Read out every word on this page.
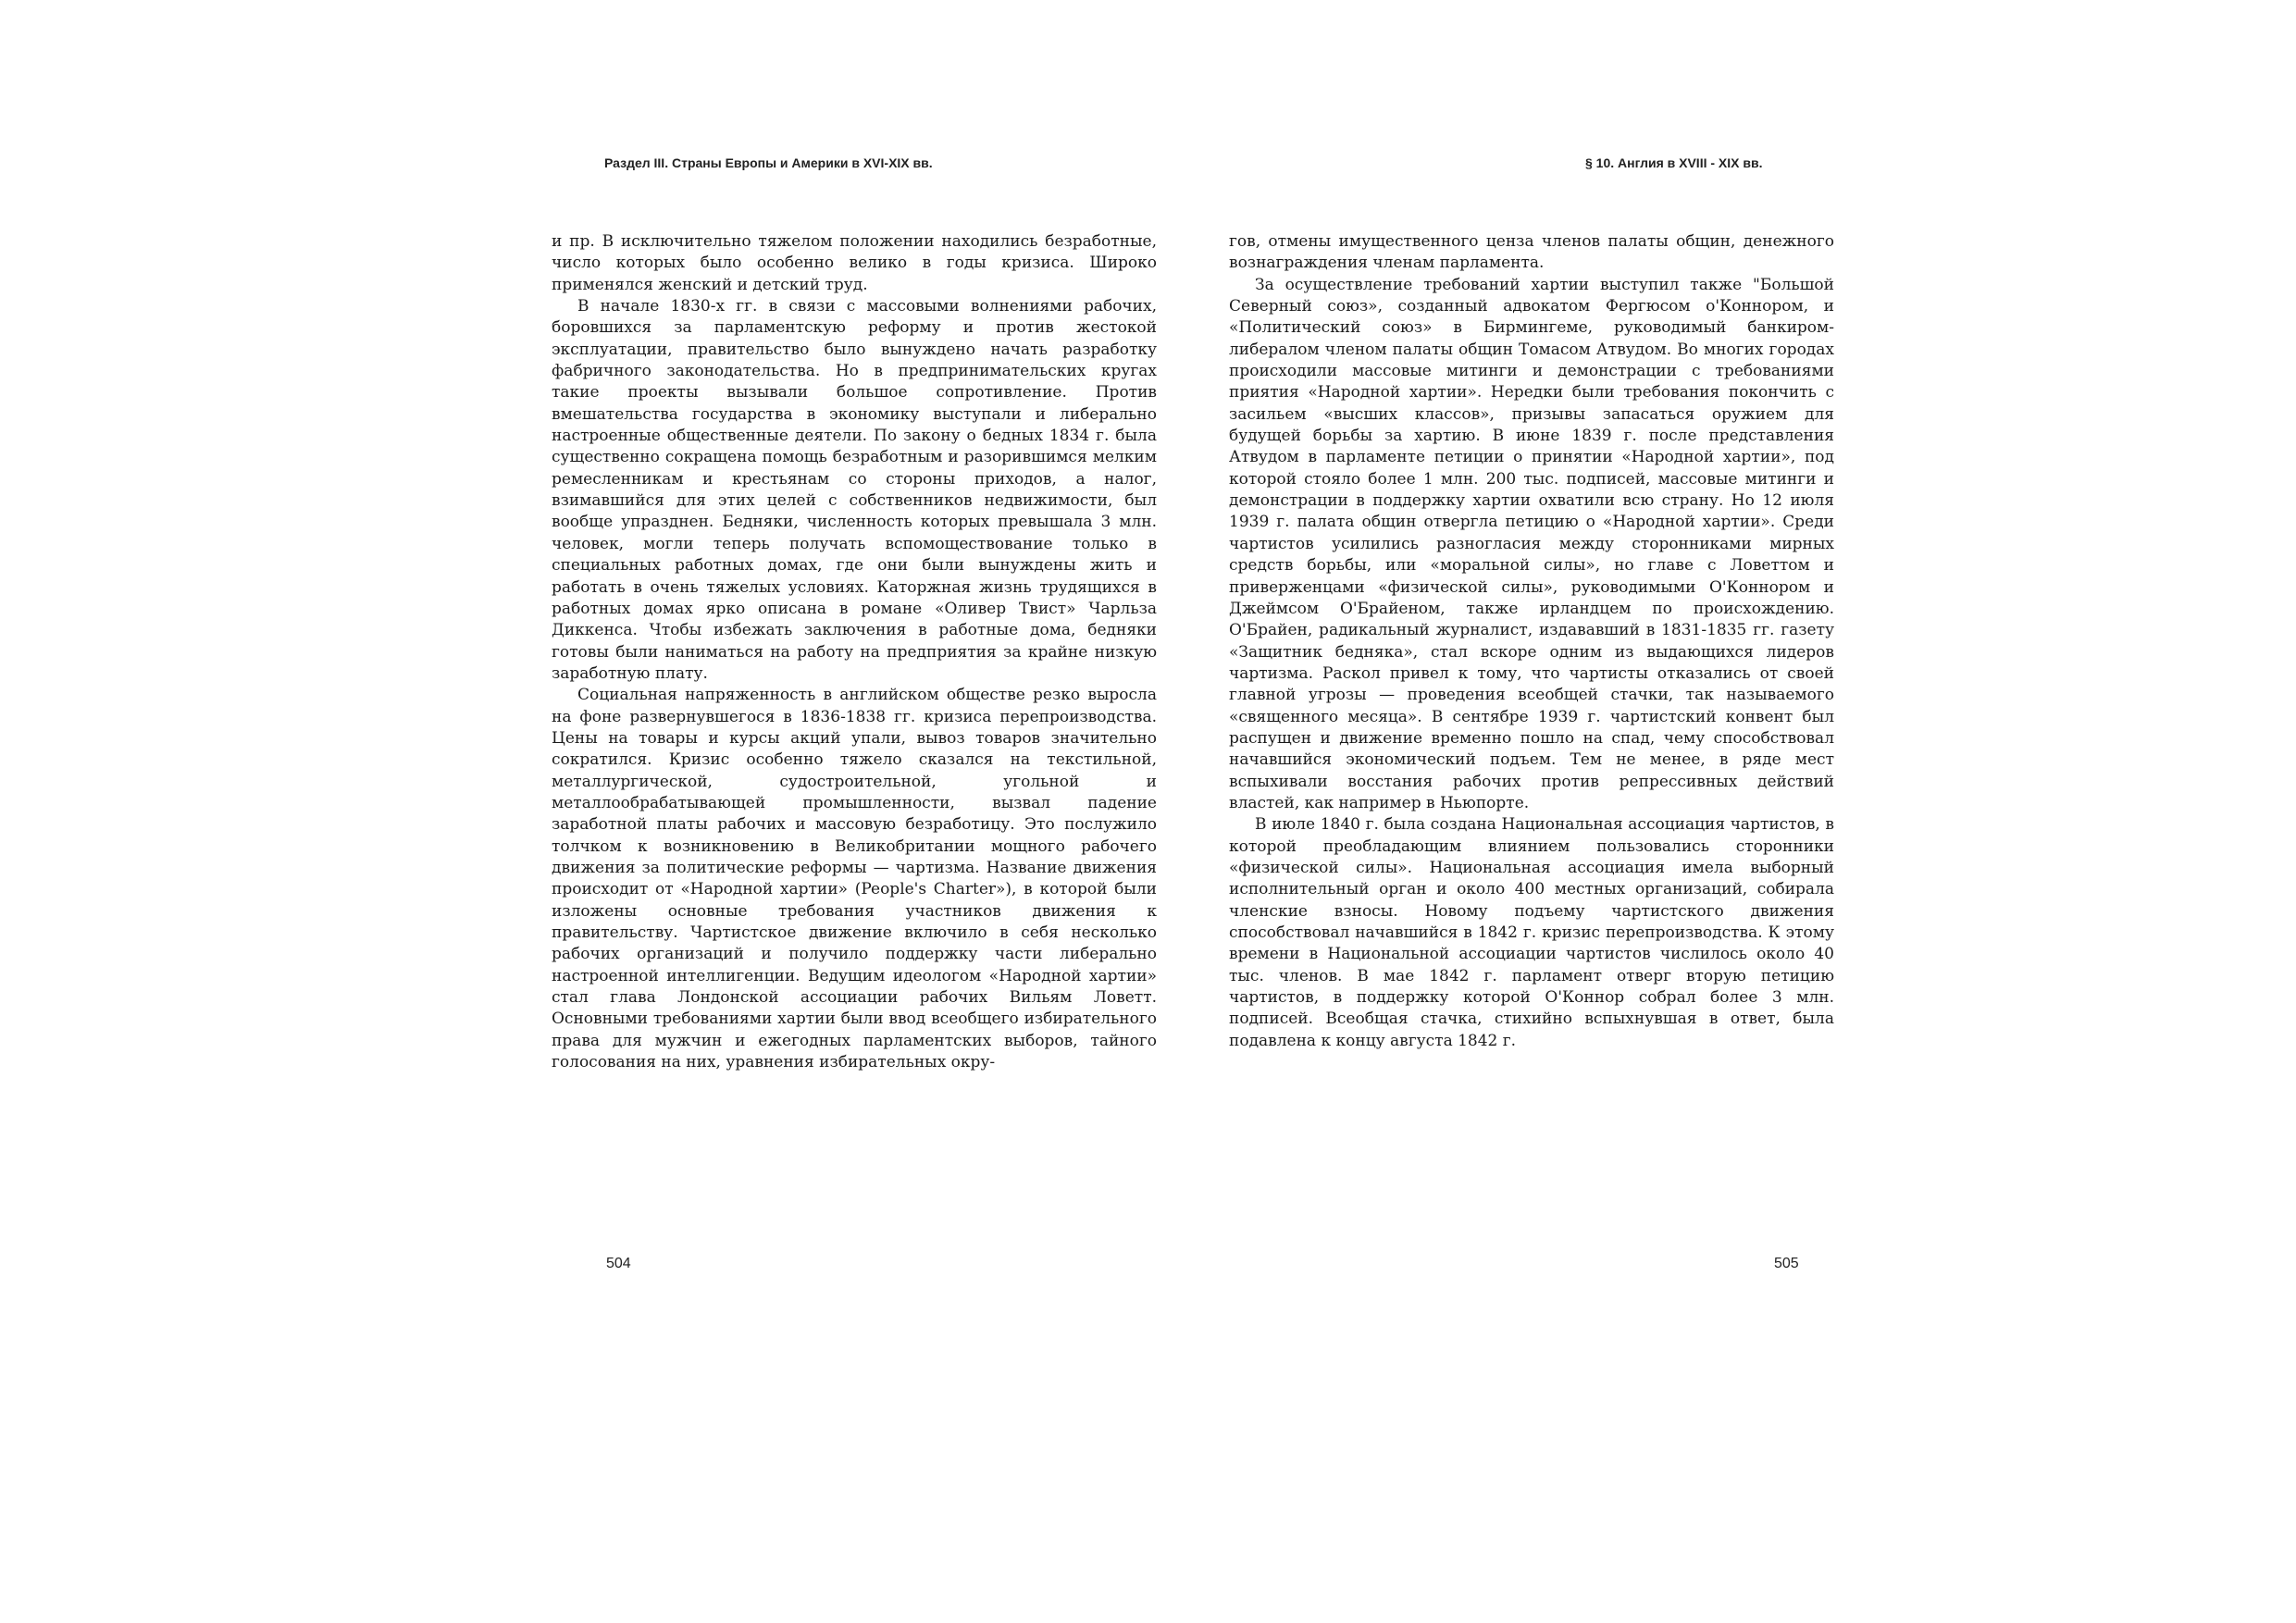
Раздел III. Страны Европы и Америки в XVI-XIX вв.	§ 10. Англия в XVIII - XIX вв.

и пр. В исключительно тяжелом положении находились безработные, число которых было особенно велико в годы кризиса. Широко применялся женский и детский труд.

В начале 1830-х гг. в связи с массовыми волнениями рабочих, боровшихся за парламентскую реформу и против жестокой эксплуатации, правительство было вынуждено начать разработку фабричного законодательства. Но в предпринимательских кругах такие проекты вызывали большое сопротивление. Против вмешательства государства в экономику выступали и либерально настроенные общественные деятели. По закону о бедных 1834 г. была существенно сокращена помощь безработным и разорившимся мелким ремесленникам и крестьянам со стороны приходов, а налог, взимавшийся для этих целей с собственников недвижимости, был вообще упразднен. Бедняки, численность которых превышала 3 млн. человек, могли теперь получать вспомоществование только в специальных работных домах, где они были вынуждены жить и работать в очень тяжелых условиях. Каторжная жизнь трудящихся в работных домах ярко описана в романе «Оливер Твист» Чарльза Диккенса. Чтобы избежать заключения в работные дома, бедняки готовы были наниматься на работу на предприятия за крайне низкую заработную плату.

Социальная напряженность в английском обществе резко выросла на фоне развернувшегося в 1836-1838 гг. кризиса перепроизводства. Цены на товары и курсы акций упали, вывоз товаров значительно сократился. Кризис особенно тяжело сказался на текстильной, металлургической, судостроительной, угольной и металлообрабатывающей промышленности, вызвал падение заработной платы рабочих и массовую безработицу. Это послужило толчком к возникновению в Великобритании мощного рабочего движения за политические реформы — чартизма. Название движения происходит от «Народной хартии» (People's Charter»), в которой были изложены основные требования участников движения к правительству. Чартистское движение включило в себя несколько рабочих организаций и получило поддержку части либерально настроенной интеллигенции. Ведущим идеологом «Народной хартии» стал глава Лондонской ассоциации рабочих Вильям Ловетт. Основными требованиями хартии были ввод всеобщего избирательного права для мужчин и ежегодных парламентских выборов, тайного голосования на них, уравнения избирательных окру-

гов, отмены имущественного ценза членов палаты общин, денежного вознаграждения членам парламента.

За осуществление требований хартии выступил также "Большой Северный союз», созданный адвокатом Фергюсом о'Коннором, и «Политический союз» в Бирмингеме, руководимый банкиром-либералом членом палаты общин Томасом Атвудом. Во многих городах происходили массовые митинги и демонстрации с требованиями приятия «Народной хартии». Нередки были требования покончить с засильем «высших классов», призывы запасаться оружием для будущей борьбы за хартию. В июне 1839 г. после представления Атвудом в парламенте петиции о принятии «Народной хартии», под которой стояло более 1 млн. 200 тыс. подписей, массовые митинги и демонстрации в поддержку хартии охватили всю страну. Но 12 июля 1939 г. палата общин отвергла петицию о «Народной хартии». Среди чартистов усилились разногласия между сторонниками мирных средств борьбы, или «моральной силы», но главе с Ловеттом и приверженцами «физической силы», руководимыми О'Коннором и Джеймсом О'Брайеном, также ирландцем по происхождению. О'Брайен, радикальный журналист, издававший в 1831-1835 гг. газету «Защитник бедняка», стал вскоре одним из выдающихся лидеров чартизма. Раскол привел к тому, что чартисты отказались от своей главной угрозы — проведения всеобщей стачки, так называемого «священного месяца». В сентябре 1939 г. чартистский конвент был распущен и движение временно пошло на спад, чему способствовал начавшийся экономический подъем. Тем не менее, в ряде мест вспыхивали восстания рабочих против репрессивных действий властей, как например в Ньюпорте.

В июле 1840 г. была создана Национальная ассоциация чартистов, в которой преобладающим влиянием пользовались сторонники «физической силы». Национальная ассоциация имела выборный исполнительный орган и около 400 местных организаций, собирала членские взносы. Новому подъему чартистского движения способствовал начавшийся в 1842 г. кризис перепроизводства. К этому времени в Национальной ассоциации чартистов числилось около 40 тыс. членов. В мае 1842 г. парламент отверг вторую петицию чартистов, в поддержку которой О'Коннор собрал более 3 млн. подписей. Всеобщая стачка, стихийно вспыхнувшая в ответ, была подавлена к концу августа 1842 г.

504	505
